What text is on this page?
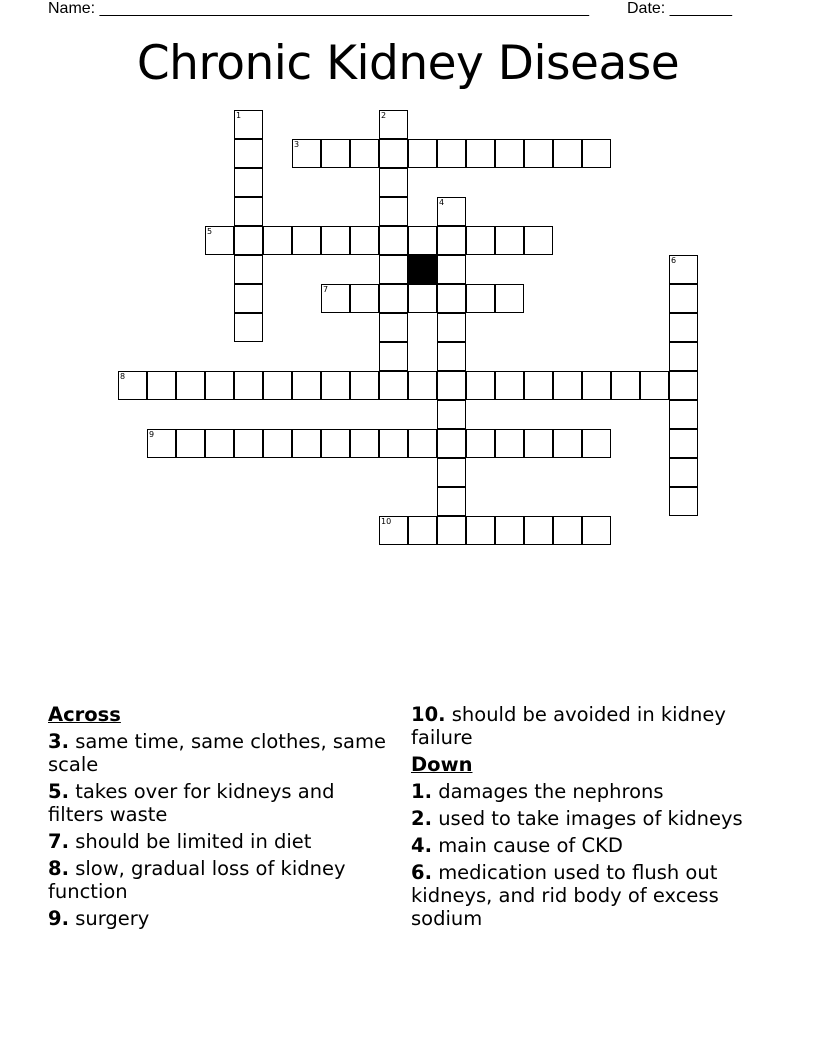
Name: _______________________________________________________ Date: _______
Chronic Kidney Disease
1	2
3
4
5
6
7
8
9
10
Across
3. same time, same clothes, same scale
5. takes over for kidneys and filters waste
7. should be limited in diet
8. slow, gradual loss of kidney function
9. surgery
10. should be avoided in kidney failure
Down
1. damages the nephrons
2. used to take images of kidneys
4. main cause of CKD
6. medication used to flush out kidneys, and rid body of excess sodium
